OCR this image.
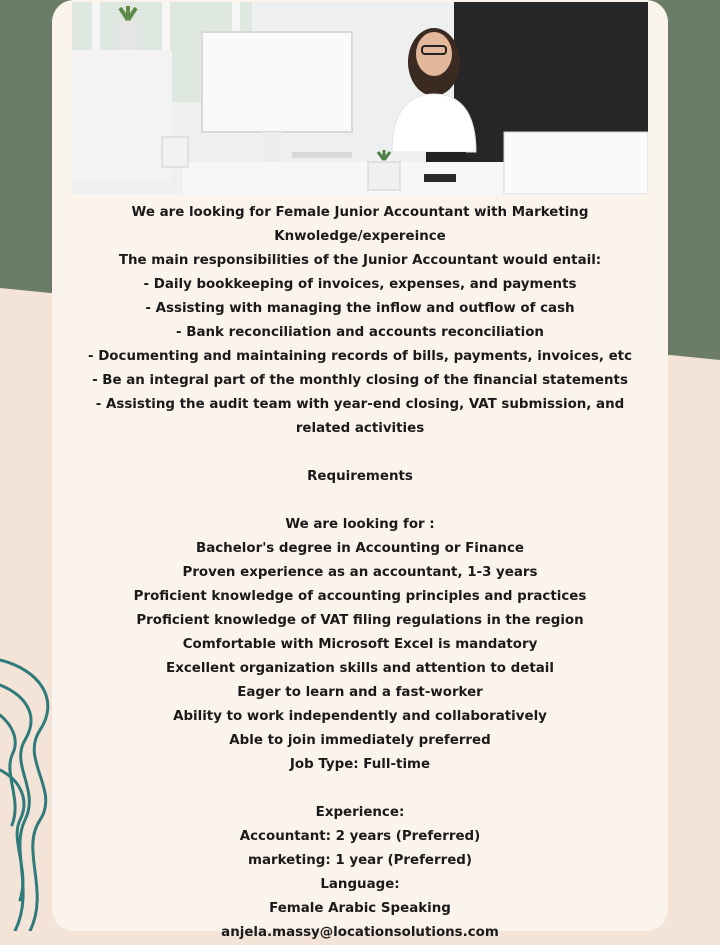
We are looking for Female Junior Accountant with Marketing Knwoledge/expereince
The main responsibilities of the Junior Accountant would entail:
- Daily bookkeeping of invoices, expenses, and payments
- Assisting with managing the inflow and outflow of cash
- Bank reconciliation and accounts reconciliation
- Documenting and maintaining records of bills, payments, invoices, etc
- Be an integral part of the monthly closing of the financial statements
- Assisting the audit team with year-end closing, VAT submission, and related activities
Requirements
We are looking for :
Bachelor's degree in Accounting or Finance
Proven experience as an accountant, 1-3 years
Proficient knowledge of accounting principles and practices
Proficient knowledge of VAT filing regulations in the region
Comfortable with Microsoft Excel is mandatory
Excellent organization skills and attention to detail
Eager to learn and a fast-worker
Ability to work independently and collaboratively
Able to join immediately preferred
Job Type: Full-time
Experience:
Accountant: 2 years (Preferred)
marketing: 1 year (Preferred)
Language:
Female Arabic Speaking
anjela.massy@locationsolutions.com
